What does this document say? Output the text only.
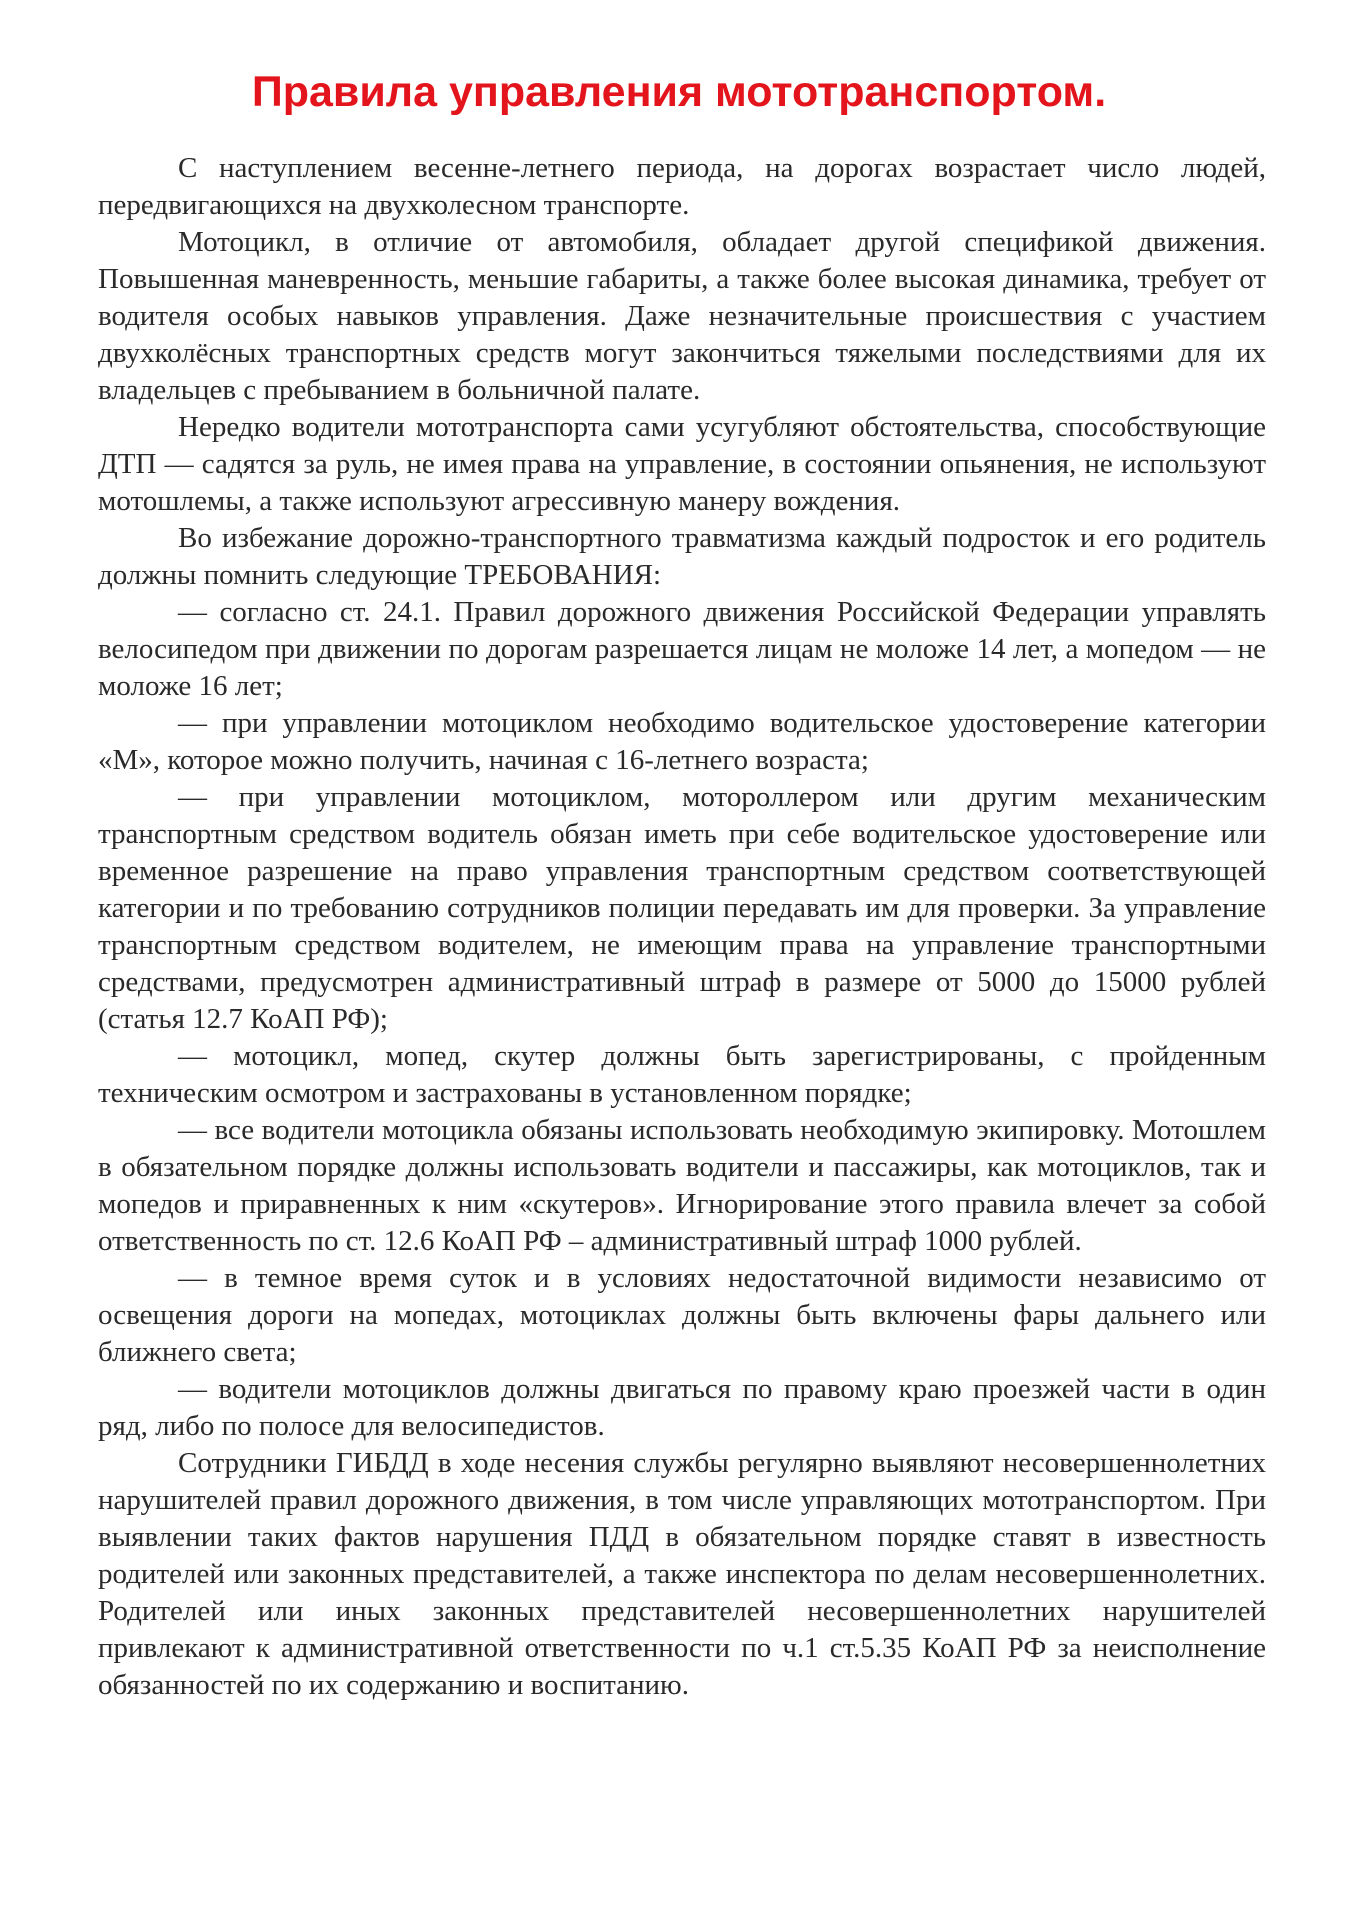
Правила управления мототранспортом.

С наступлением весенне-летнего периода, на дорогах возрастает число людей, передвигающихся на двухколесном транспорте.

Мотоцикл, в отличие от автомобиля, обладает другой спецификой движения. Повышенная маневренность, меньшие габариты, а также более высокая динамика, требует от водителя особых навыков управления. Даже незначительные происшествия с участием двухколёсных транспортных средств могут закончиться тяжелыми последствиями для их владельцев с пребыванием в больничной палате.

Нередко водители мототранспорта сами усугубляют обстоятельства, способствующие ДТП — садятся за руль, не имея права на управление, в состоянии опьянения, не используют мотошлемы, а также используют агрессивную манеру вождения.

Во избежание дорожно-транспортного травматизма каждый подросток и его родитель должны помнить следующие ТРЕБОВАНИЯ:

— согласно ст. 24.1. Правил дорожного движения Российской Федерации управлять велосипедом при движении по дорогам разрешается лицам не моложе 14 лет, а мопедом — не моложе 16 лет;

— при управлении мотоциклом необходимо водительское удостоверение категории «М», которое можно получить, начиная с 16-летнего возраста;

— при управлении мотоциклом, мотороллером или другим механическим транспортным средством водитель обязан иметь при себе водительское удостоверение или временное разрешение на право управления транспортным средством соответствующей категории и по требованию сотрудников полиции передавать им для проверки. За управление транспортным средством водителем, не имеющим права на управление транспортными средствами, предусмотрен административный штраф в размере от 5000 до 15000 рублей (статья 12.7 КоАП РФ);

— мотоцикл, мопед, скутер должны быть зарегистрированы, с пройденным техническим осмотром и застрахованы в установленном порядке;

— все водители мотоцикла обязаны использовать необходимую экипировку. Мотошлем в обязательном порядке должны использовать водители и пассажиры, как мотоциклов, так и мопедов и приравненных к ним «скутеров». Игнорирование этого правила влечет за собой ответственность по ст. 12.6 КоАП РФ – административный штраф 1000 рублей.

— в темное время суток и в условиях недостаточной видимости независимо от освещения дороги на мопедах, мотоциклах должны быть включены фары дальнего или ближнего света;

— водители мотоциклов должны двигаться по правому краю проезжей части в один ряд, либо по полосе для велосипедистов.

Сотрудники ГИБДД в ходе несения службы регулярно выявляют несовершеннолетних нарушителей правил дорожного движения, в том числе управляющих мототранспортом. При выявлении таких фактов нарушения ПДД в обязательном порядке ставят в известность родителей или законных представителей, а также инспектора по делам несовершеннолетних. Родителей или иных законных представителей несовершеннолетних нарушителей привлекают к административной ответственности по ч.1 ст.5.35 КоАП РФ за неисполнение обязанностей по их содержанию и воспитанию.
